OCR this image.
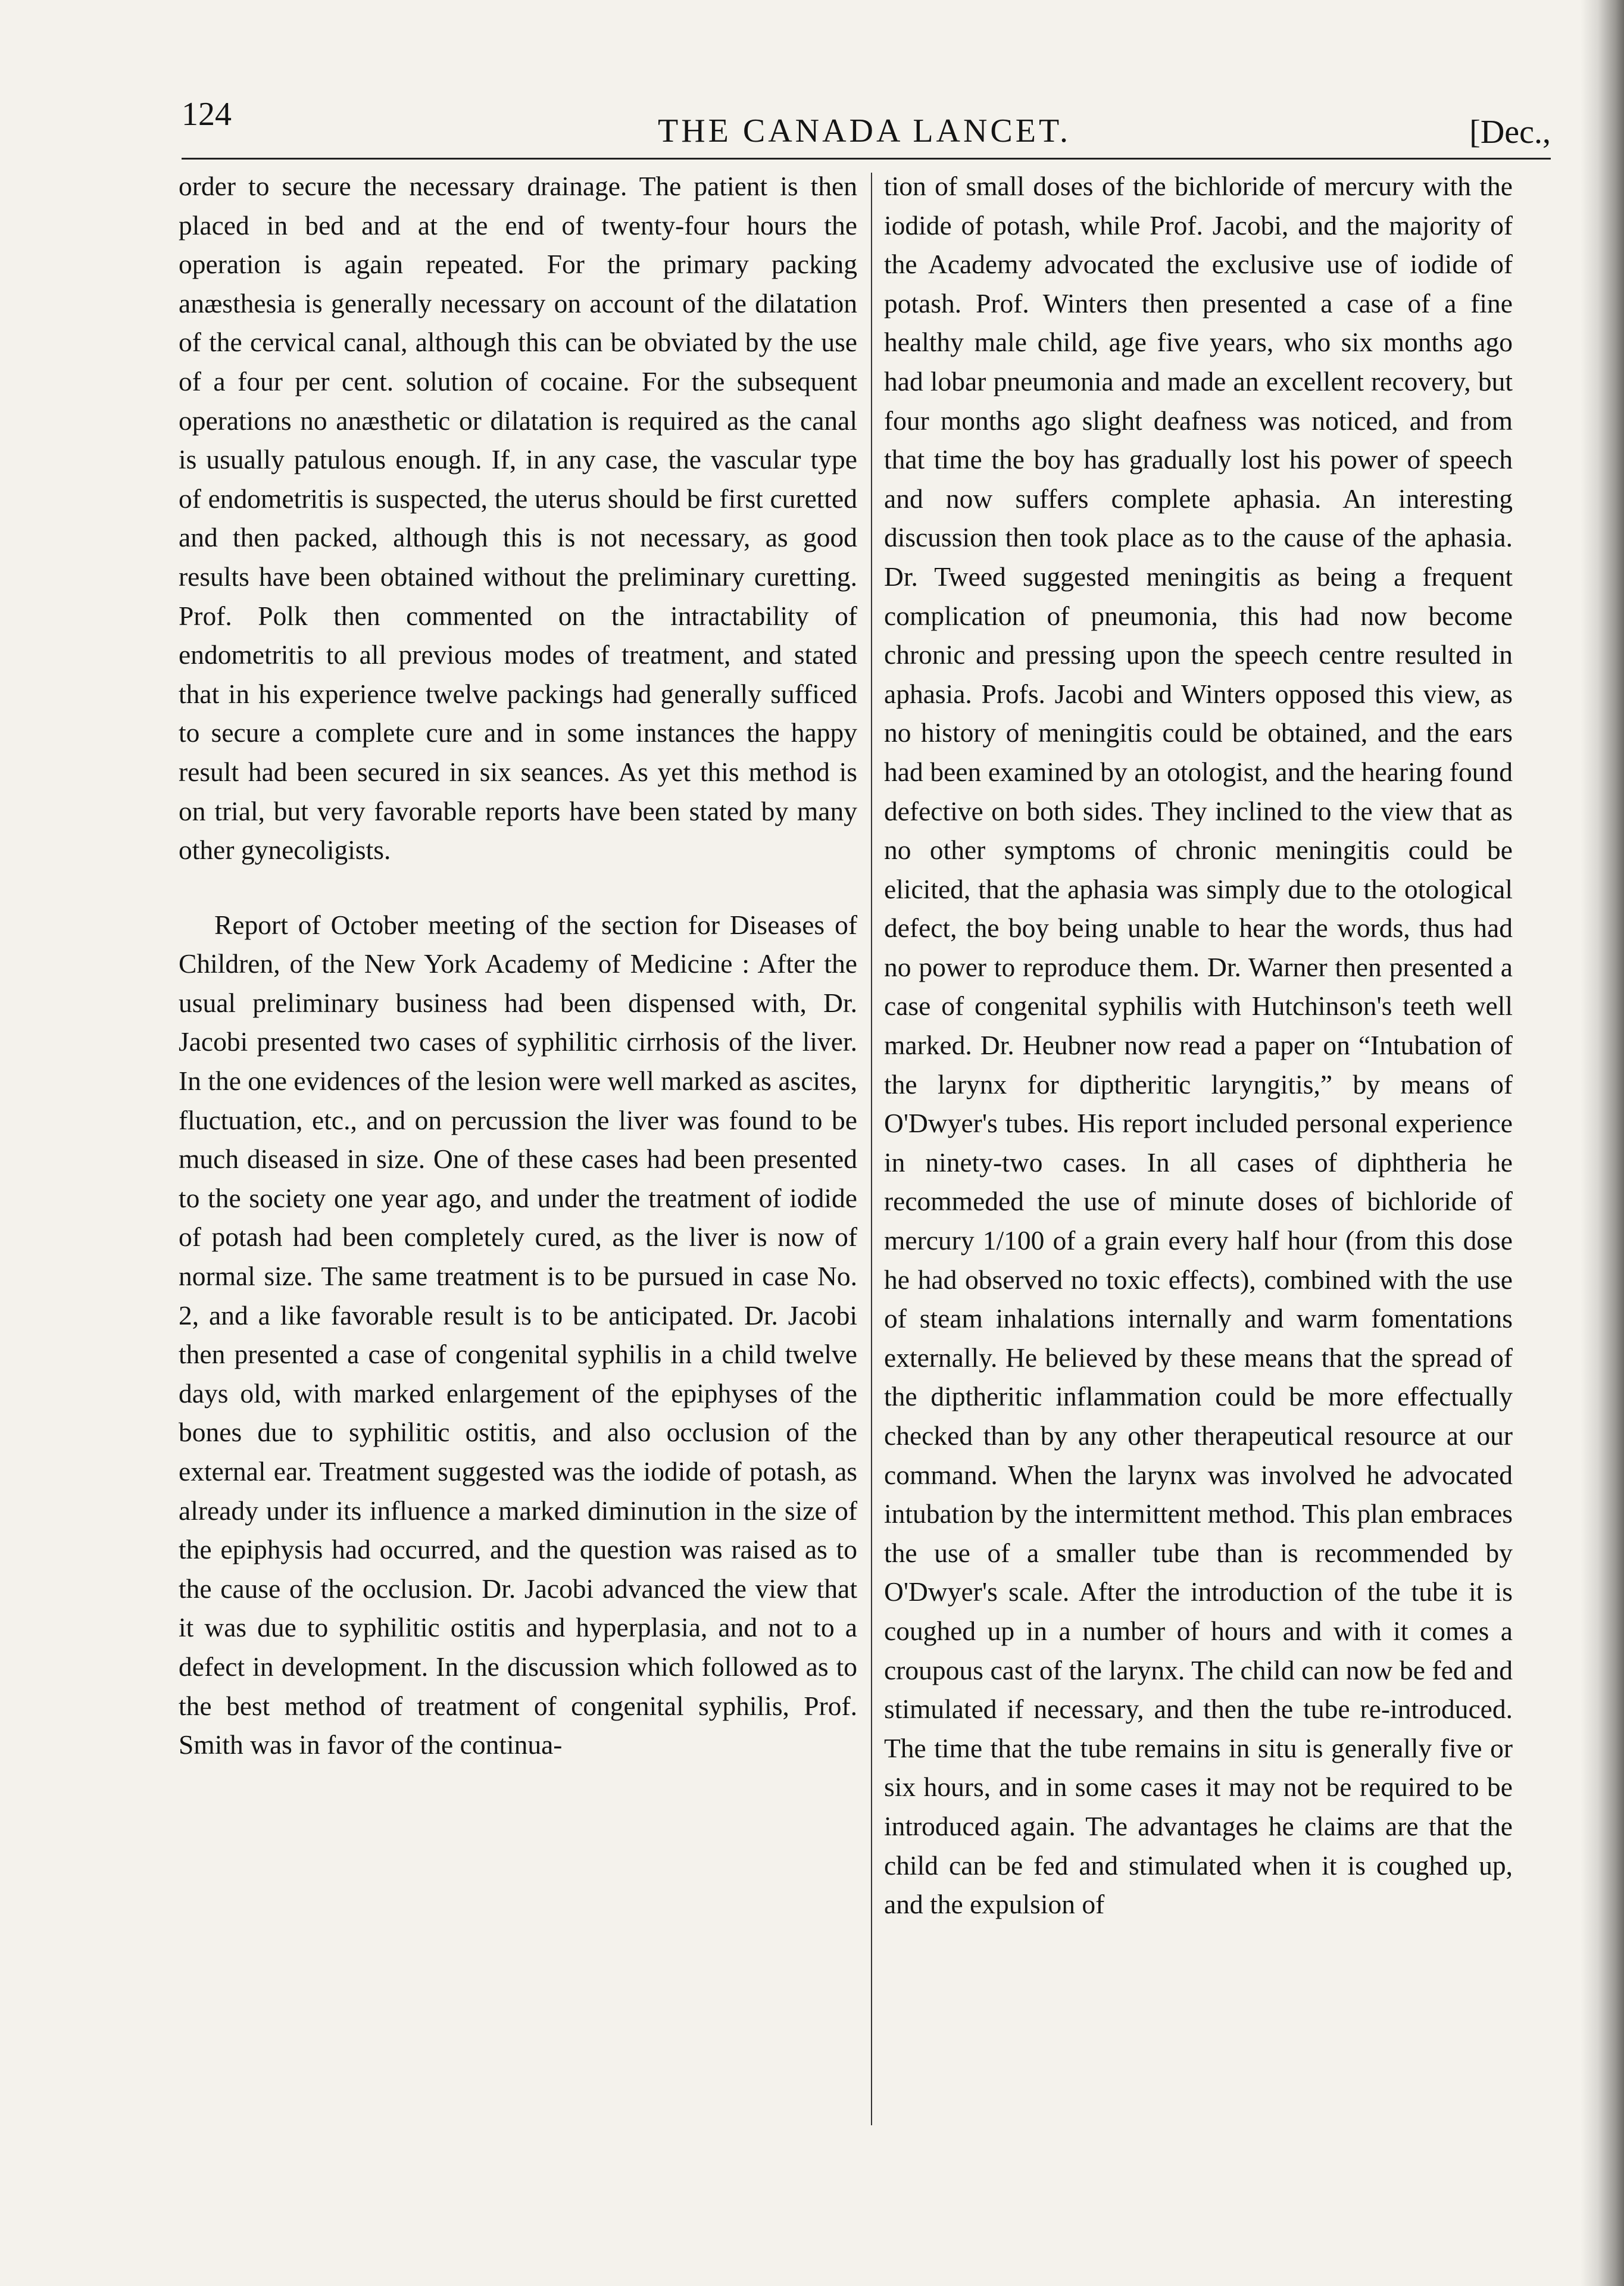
124	THE CANADA LANCET.	[Dec.,

order to secure the necessary drainage. The patient is then placed in bed and at the end of twenty-four hours the operation is again repeated. For the primary packing anæsthesia is generally necessary on account of the dilatation of the cervical canal, although this can be obviated by the use of a four per cent. solution of cocaine. For the subsequent operations no anæsthetic or dilatation is required as the canal is usually patulous enough. If, in any case, the vascular type of endometritis is suspected, the uterus should be first curetted and then packed, although this is not necessary, as good results have been obtained without the preliminary curetting. Prof. Polk then commented on the intractability of endometritis to all previous modes of treatment, and stated that in his experience twelve packings had generally sufficed to secure a complete cure and in some instances the happy result had been secured in six seances. As yet this method is on trial, but very favorable reports have been stated by many other gynecoligists.

Report of October meeting of the section for Diseases of Children, of the New York Academy of Medicine : After the usual preliminary business had been dispensed with, Dr. Jacobi presented two cases of syphilitic cirrhosis of the liver. In the one evidences of the lesion were well marked as ascites, fluctuation, etc., and on percussion the liver was found to be much diseased in size. One of these cases had been presented to the society one year ago, and under the treatment of iodide of potash had been completely cured, as the liver is now of normal size. The same treatment is to be pursued in case No. 2, and a like favorable result is to be anticipated. Dr. Jacobi then presented a case of congenital syphilis in a child twelve days old, with marked enlargement of the epiphyses of the bones due to syphilitic ostitis, and also occlusion of the external ear. Treatment suggested was the iodide of potash, as already under its influence a marked diminution in the size of the epiphysis had occurred, and the question was raised as to the cause of the occlusion. Dr. Jacobi advanced the view that it was due to syphilitic ostitis and hyperplasia, and not to a defect in development. In the discussion which followed as to the best method of treatment of congenital syphilis, Prof. Smith was in favor of the continua-

tion of small doses of the bichloride of mercury with the iodide of potash, while Prof. Jacobi, and the majority of the Academy advocated the exclusive use of iodide of potash. Prof. Winters then presented a case of a fine healthy male child, age five years, who six months ago had lobar pneumonia and made an excellent recovery, but four months ago slight deafness was noticed, and from that time the boy has gradually lost his power of speech and now suffers complete aphasia. An interesting discussion then took place as to the cause of the aphasia. Dr. Tweed suggested meningitis as being a frequent complication of pneumonia, this had now become chronic and pressing upon the speech centre resulted in aphasia. Profs. Jacobi and Winters opposed this view, as no history of meningitis could be obtained, and the ears had been examined by an otologist, and the hearing found defective on both sides. They inclined to the view that as no other symptoms of chronic meningitis could be elicited, that the aphasia was simply due to the otological defect, the boy being unable to hear the words, thus had no power to reproduce them. Dr. Warner then presented a case of congenital syphilis with Hutchinson's teeth well marked. Dr. Heubner now read a paper on “Intubation of the larynx for diptheritic laryngitis,” by means of O'Dwyer's tubes. His report included personal experience in ninety-two cases. In all cases of diphtheria he recommeded the use of minute doses of bichloride of mercury 1/100 of a grain every half hour (from this dose he had observed no toxic effects), combined with the use of steam inhalations internally and warm fomentations externally. He believed by these means that the spread of the diptheritic inflammation could be more effectually checked than by any other therapeutical resource at our command. When the larynx was involved he advocated intubation by the intermittent method. This plan embraces the use of a smaller tube than is recommended by O'Dwyer's scale. After the introduction of the tube it is coughed up in a number of hours and with it comes a croupous cast of the larynx. The child can now be fed and stimulated if necessary, and then the tube re-introduced. The time that the tube remains in situ is generally five or six hours, and in some cases it may not be required to be introduced again. The advantages he claims are that the child can be fed and stimulated when it is coughed up, and the expulsion of
